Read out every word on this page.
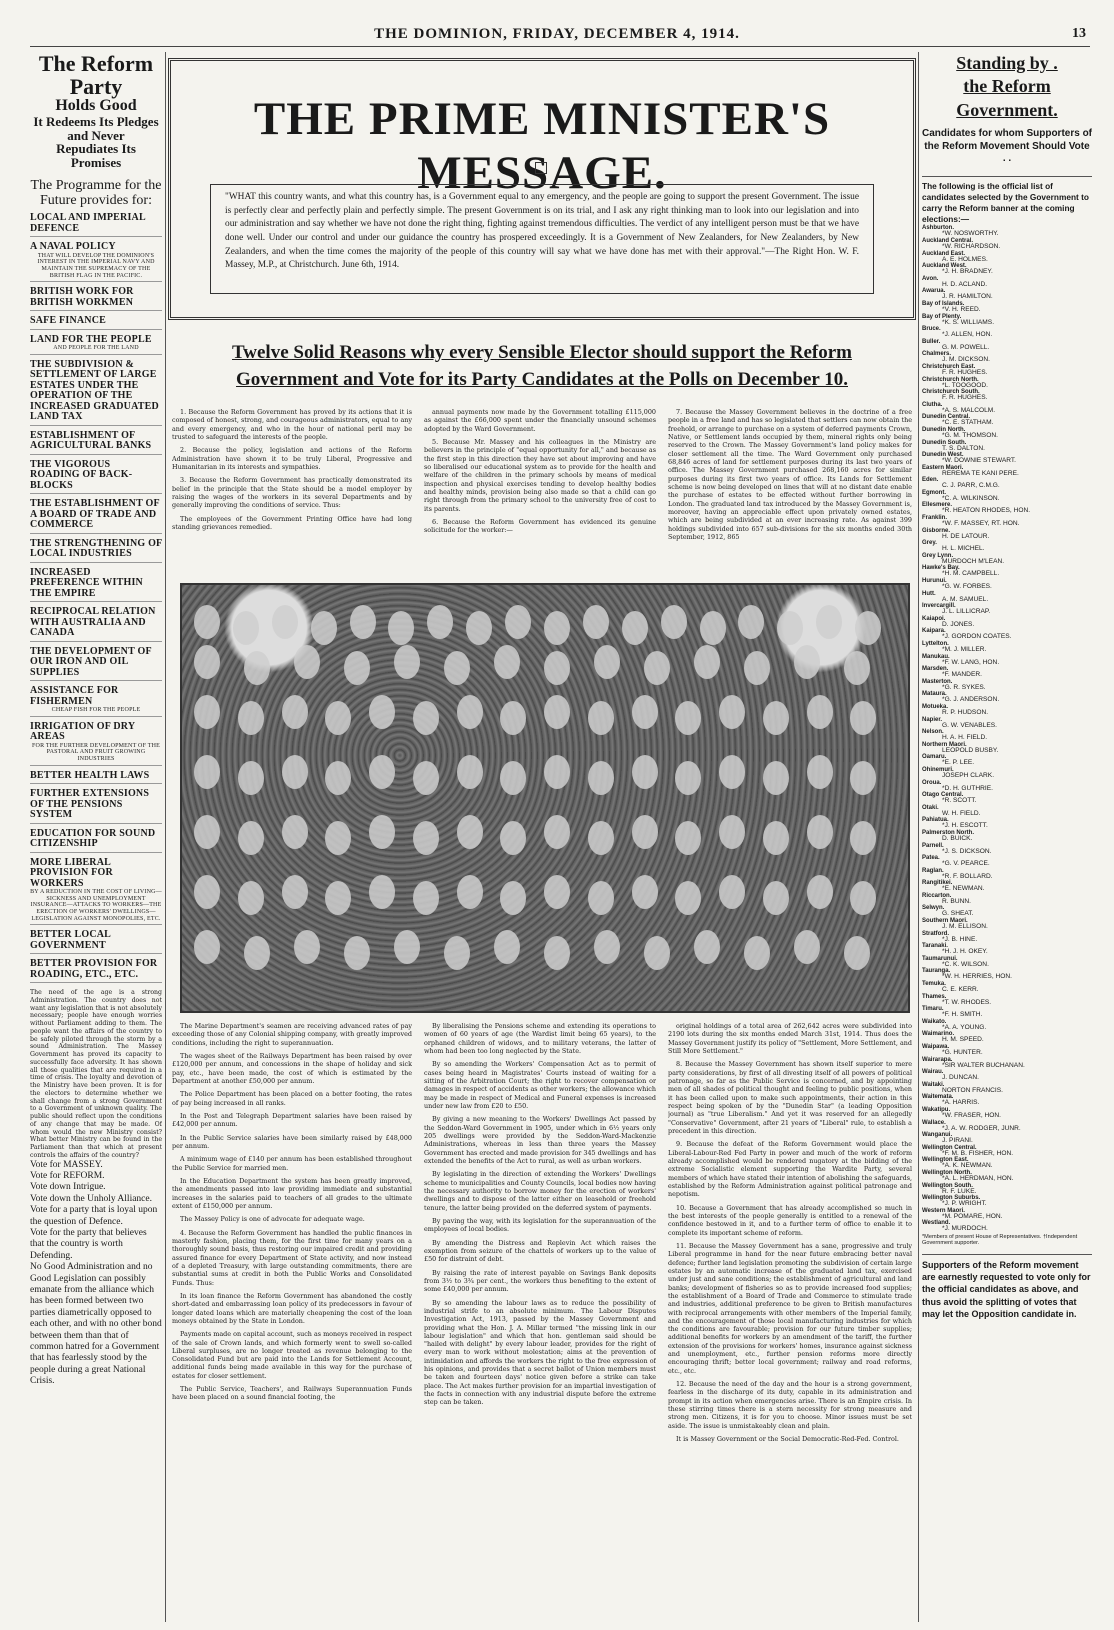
THE DOMINION, FRIDAY, DECEMBER 4, 1914.	13
The Reform
Party
Holds Good
It Redeems Its Pledges
and Never
Repudiates Its Promises
The Programme for the Future provides for:
LOCAL AND IMPERIAL DEFENCE
A NAVAL POLICY
THAT WILL DEVELOP THE DOMINION'S INTEREST IN THE IMPERIAL NAVY AND MAINTAIN THE SUPREMACY OF THE BRITISH FLAG IN THE PACIFIC.
BRITISH WORK FOR BRITISH WORKMEN
SAFE FINANCE
LAND FOR THE PEOPLE
AND PEOPLE FOR THE LAND
THE SUBDIVISION & SETTLEMENT OF LARGE ESTATES UNDER THE OPERATION OF THE INCREASED GRADUATED LAND TAX
ESTABLISHMENT OF AGRICULTURAL BANKS
THE VIGOROUS ROADING OF BACK-BLOCKS
THE ESTABLISHMENT OF A BOARD OF TRADE AND COMMERCE
THE STRENGTHENING OF LOCAL INDUSTRIES
INCREASED PREFERENCE WITHIN THE EMPIRE
RECIPROCAL RELATION WITH AUSTRALIA AND CANADA
THE DEVELOPMENT OF OUR IRON AND OIL SUPPLIES
ASSISTANCE FOR FISHERMEN
CHEAP FISH FOR THE PEOPLE
IRRIGATION OF DRY AREAS
FOR THE FURTHER DEVELOPMENT OF THE PASTORAL AND FRUIT GROWING INDUSTRIES
BETTER HEALTH LAWS
FURTHER EXTENSIONS OF THE PENSIONS SYSTEM
EDUCATION FOR SOUND CITIZENSHIP
MORE LIBERAL PROVISION FOR WORKERS
BY A REDUCTION IN THE COST OF LIVING—SICKNESS AND UNEMPLOYMENT INSURANCE—ATTACKS TO WORKERS—THE ERECTION OF WORKERS' DWELLINGS—LEGISLATION AGAINST MONOPOLIES, ETC.
BETTER LOCAL GOVERNMENT
BETTER PROVISION FOR ROADING, ETC., ETC.
The need of the age is a strong Administration. The country does not want any legislation that is not absolutely necessary; people have enough worries without Parliament adding to them. The people want the affairs of the country to be safely piloted through the storm by a sound Administration. The Massey Government has proved its capacity to successfully face adversity. It has shown all those qualities that are required in a time of crisis. The loyalty and devotion of the Ministry have been proven. It is for the electors to determine whether we shall change from a strong Government to a Government of unknown quality. The public should reflect upon the conditions of any change that may be made. Of whom would the new Ministry consist? What better Ministry can be found in the Parliament than that which at present controls the affairs of the country?
Vote for MASSEY.
Vote for REFORM.
Vote down Intrigue.
Vote down the Unholy Alliance.
Vote for a party that is loyal upon the question of Defence.
Vote for the party that believes that the country is worth Defending.
No Good Administration and no Good Legislation can possibly emanate from the alliance which has been formed between two parties diametrically opposed to each other, and with no other bond between them than that of common hatred for a Government that has fearlessly stood by the people during a great National Crisis.
THE PRIME MINISTER'S MESSAGE.
"WHAT this country wants, and what this country has, is a Government equal to any emergency, and the people are going to support the present Government. The issue is perfectly clear and perfectly plain and perfectly simple. The present Government is on its trial, and I ask any right thinking man to look into our legislation and into our administration and say whether we have not done the right thing, fighting against tremendous difficulties. The verdict of any intelligent person must be that we have done well. Under our control and under our guidance the country has prospered exceedingly. It is a Government of New Zealanders, for New Zealanders, by New Zealanders, and when the time comes the majority of the people of this country will say what we have done has met with their approval."—The Right Hon. W. F. Massey, M.P., at Christchurch. June 6th, 1914.
Twelve Solid Reasons why every Sensible Elector should support the Reform
Government and Vote for its Party Candidates at the Polls on December 10.

1. Because the Reform Government has proved by its actions that it is composed of honest, strong, and courageous administrators, equal to any and every emergency, and who in the hour of national peril may be trusted to safeguard the interests of the people.

2. Because the policy, legislation and actions of the Reform Administration have shown it to be truly Liberal, Progressive and Humanitarian in its interests and sympathies.

3. Because the Reform Government has practically demonstrated its belief in the principle that the State should be a model employer by raising the wages of the workers in its several Departments and by generally improving the conditions of service. Thus:

The employees of the Government Printing Office have had long standing grievances remedied.

annual payments now made by the Government totalling £115,000 as against the £66,000 spent under the financially unsound schemes adopted by the Ward Government.

5. Because Mr. Massey and his colleagues in the Ministry are believers in the principle of "equal opportunity for all," and because as the first step in this direction they have set about improving and have so liberalised our educational system as to provide for the health and welfare of the children in the primary schools by means of medical inspection and physical exercises tending to develop healthy bodies and healthy minds, provision being also made so that a child can go right through from the primary school to the university free of cost to its parents.

6. Because the Reform Government has evidenced its genuine solicitude for the worker:—

7. Because the Massey Government believes in the doctrine of a free people in a free land and has so legislated that settlers can now obtain the freehold, or arrange to purchase on a system of deferred payments Crown, Native, or Settlement lands occupied by them, mineral rights only being reserved to the Crown. The Massey Government's land policy makes for closer settlement all the time. The Ward Government only purchased 68,846 acres of land for settlement purposes during its last two years of office. The Massey Government purchased 268,160 acres for similar purposes during its first two years of office. Its Lands for Settlement scheme is now being developed on lines that will at no distant date enable the purchase of estates to be effected without further borrowing in London. The graduated land tax introduced by the Massey Government is, moreover, having an appreciable effect upon privately owned estates, which are being subdivided at an ever increasing rate. As against 399 holdings subdivided into 657 sub-divisions for the six months ended 30th September, 1912, 865

The Marine Department's seamen are receiving advanced rates of pay exceeding those of any Colonial shipping company, with greatly improved conditions, including the right to superannuation.

The wages sheet of the Railways Department has been raised by over £120,000 per annum, and concessions in the shape of holiday and sick pay, etc., have been made, the cost of which is estimated by the Department at another £50,000 per annum.

The Police Department has been placed on a better footing, the rates of pay being increased in all ranks.

In the Post and Telegraph Department salaries have been raised by £42,000 per annum.

In the Public Service salaries have been similarly raised by £48,000 per annum.

A minimum wage of £140 per annum has been established throughout the Public Service for married men.

In the Education Department the system has been greatly improved, the amendments passed into law providing immediate and substantial increases in the salaries paid to teachers of all grades to the ultimate extent of £150,000 per annum.

The Massey Policy is one of advocate for adequate wage.

4. Because the Reform Government has handled the public finances in masterly fashion, placing them, for the first time for many years on a thoroughly sound basis, thus restoring our impaired credit and providing assured finance for every Department of State activity, and now instead of a depleted Treasury, with large outstanding commitments, there are substantial sums at credit in both the Public Works and Consolidated Funds. Thus:

In its loan finance the Reform Government has abandoned the costly short-dated and embarrassing loan policy of its predecessors in favour of longer dated loans which are materially cheapening the cost of the loan moneys obtained by the State in London.

Payments made on capital account, such as moneys received in respect of the sale of Crown lands, and which formerly went to swell so-called Liberal surpluses, are no longer treated as revenue belonging to the Consolidated Fund but are paid into the Lands for Settlement Account, additional funds being made available in this way for the purchase of estates for closer settlement.

The Public Service, Teachers', and Railways Superannuation Funds have been placed on a sound financial footing, the

By liberalising the Pensions scheme and extending its operations to women of 60 years of age (the Wardist limit being 65 years), to the orphaned children of widows, and to military veterans, the latter of whom had been too long neglected by the State.

By so amending the Workers' Compensation Act as to permit of cases being heard in Magistrates' Courts instead of waiting for a sitting of the Arbitration Court; the right to recover compensation or damages in respect of accidents as other workers; the allowance which may be made in respect of Medical and Funeral expenses is increased under new law from £20 to £50.

By giving a new meaning to the Workers' Dwellings Act passed by the Seddon-Ward Government in 1905, under which in 6½ years only 205 dwellings were provided by the Seddon-Ward-Mackenzie Administrations, whereas in less than three years the Massey Government has erected and made provision for 345 dwellings and has extended the benefits of the Act to rural, as well as urban workers.

By legislating in the direction of extending the Workers' Dwellings scheme to municipalities and County Councils, local bodies now having the necessary authority to borrow money for the erection of workers' dwellings and to dispose of the latter either on leasehold or freehold tenure, the latter being provided on the deferred system of payments.

By paving the way, with its legislation for the superannuation of the employees of local bodies.

By amending the Distress and Replevin Act which raises the exemption from seizure of the chattels of workers up to the value of £50 for distraint of debt.

By raising the rate of interest payable on Savings Bank deposits from 3½ to 3¾ per cent., the workers thus benefiting to the extent of some £40,000 per annum.

By so amending the labour laws as to reduce the possibility of industrial strife to an absolute minimum. The Labour Disputes Investigation Act, 1913, passed by the Massey Government and providing what the Hon. J. A. Millar termed "the missing link in our labour legislation" and which that hon. gentleman said should be "hailed with delight" by every labour leader, provides for the right of every man to work without molestation; aims at the prevention of intimidation and affords the workers the right to the free expression of his opinions, and provides that a secret ballot of Union members must be taken and fourteen days' notice given before a strike can take place. The Act makes further provision for an impartial investigation of the facts in connection with any industrial dispute before the extreme step can be taken.

original holdings of a total area of 262,642 acres were subdivided into 2190 lots during the six months ended March 31st, 1914. Thus does the Massey Government justify its policy of "Settlement, More Settlement, and Still More Settlement."

8. Because the Massey Government has shown itself superior to mere party considerations, by first of all divesting itself of all powers of political patronage, so far as the Public Service is concerned, and by appointing men of all shades of political thought and feeling to public positions, when it has been called upon to make such appointments, their action in this respect being spoken of by the "Dunedin Star" (a leading Opposition journal) as "true Liberalism." And yet it was reserved for an allegedly "Conservative" Government, after 21 years of "Liberal" rule, to establish a precedent in this direction.

9. Because the defeat of the Reform Government would place the Liberal-Labour-Red Fed Party in power and much of the work of reform already accomplished would be rendered nugatory at the bidding of the extreme Socialistic element supporting the Wardite Party, several members of which have stated their intention of abolishing the safeguards, established by the Reform Administration against political patronage and nepotism.

10. Because a Government that has already accomplished so much in the best interests of the people generally is entitled to a renewal of the confidence bestowed in it, and to a further term of office to enable it to complete its important scheme of reform.

11. Because the Massey Government has a sane, progressive and truly Liberal programme in hand for the near future embracing better naval defence; further land legislation promoting the subdivision of certain large estates by an automatic increase of the graduated land tax, exercised under just and sane conditions; the establishment of agricultural and land banks; development of fisheries so as to provide increased food supplies; the establishment of a Board of Trade and Commerce to stimulate trade and industries, additional preference to be given to British manufactures with reciprocal arrangements with other members of the Imperial family, and the encouragement of those local manufacturing industries for which the conditions are favourable; provision for our future timber supplies; additional benefits for workers by an amendment of the tariff, the further extension of the provisions for workers' homes, insurance against sickness and unemployment, etc., further pension reforms more directly encouraging thrift; better local government; railway and road reforms, etc., etc.

12. Because the need of the day and the hour is a strong government, fearless in the discharge of its duty, capable in its administration and prompt in its action when emergencies arise. There is an Empire crisis. In these stirring times there is a stern necessity for strong measure and strong men. Citizens, it is for you to choose. Minor issues must be set aside. The issue is unmistakeably clean and plain.

It is Massey Government or the Social Democratic-Red-Fed. Control.

Standing by .
the Reform
Government.
Candidates for whom Supporters of the Reform Movement Should Vote . .
The following is the official list of candidates selected by the Government to carry the Reform banner at the coming elections:—
Ashburton.
*W. NOSWORTHY.
Auckland Central.
*W. RICHARDSON.
Auckland East.
A. E. HOLMES.
Auckland West.
*J. H. BRADNEY.
Avon.
H. D. ACLAND.
Awarua.
J. R. HAMILTON.
Bay of Islands.
*V. H. REED.
Bay of Plenty.
*K. S. WILLIAMS.
Bruce.
*J. ALLEN, HON.
Buller.
G. M. POWELL.
Chalmers.
J. M. DICKSON.
Christchurch East.
F. R. HUGHES.
Christchurch North.
*L. TOOGOOD.
Christchurch South.
F. R. HUGHES.
Clutha.
*A. S. MALCOLM.
Dunedin Central.
*C. E. STATHAM.
Dunedin North.
*G. M. THOMSON.
Dunedin South.
T. S. DALTON.
Dunedin West.
*W. DOWNIE STEWART.
Eastern Maori.
REREMA TE KANI PERE.
Eden.
C. J. PARR, C.M.G.
Egmont.
*C. A. WILKINSON.
Ellesmere.
*R. HEATON RHODES, HON.
Franklin.
*W. F. MASSEY, RT. HON.
Gisborne.
H. DE LATOUR.
Grey.
H. L. MICHEL.
Grey Lynn.
MURDOCH M'LEAN.
Hawke's Bay.
*H. M. CAMPBELL.
Hurunui.
*G. W. FORBES.
Hutt.
A. M. SAMUEL.
Invercargill.
J. L. LILLICRAP.
Kaiapoi.
D. JONES.
Kaipara.
*J. GORDON COATES.
Lyttelton.
*M. J. MILLER.
Manukau.
*F. W. LANG, HON.
Marsden.
*F. MANDER.
Masterton.
*G. R. SYKES.
Mataura.
*G. J. ANDERSON.
Motueka.
R. P. HUDSON.
Napier.
G. W. VENABLES.
Nelson.
H. A. H. FIELD.
Northern Maori.
LEOPOLD BUSBY.
Oamaru.
*E. P. LEE.
Ohinemuri.
JOSEPH CLARK.
Oroua.
*D. H. GUTHRIE.
Otago Central.
*R. SCOTT.
Otaki.
W. H. FIELD.
Pahiatua.
*J. H. ESCOTT.
Palmerston North.
D. BUICK.
Parnell.
*J. S. DICKSON.
Patea.
*G. V. PEARCE.
Raglan.
*R. F. BOLLARD.
Rangitikei.
*E. NEWMAN.
Riccarton.
R. BUNN.
Selwyn.
G. SHEAT.
Southern Maori.
J. M. ELLISON.
Stratford.
*J. B. HINE.
Taranaki.
*H. J. H. OKEY.
Taumarunui.
*C. K. WILSON.
Tauranga.
*W. H. HERRIES, HON.
Temuka.
C. E. KERR.
Thames.
*T. W. RHODES.
Timaru.
*F. H. SMITH.
Waikato.
*A. A. YOUNG.
Waimarino.
H. M. SPEED.
Waipawa.
*G. HUNTER.
Wairarapa.
*SIR WALTER BUCHANAN.
Wairau.
J. DUNCAN.
Waitaki.
NORTON FRANCIS.
Waitemata.
*A. HARRIS.
Wakatipu.
*W. FRASER, HON.
Wallace.
*J. A. W. RODGER, JUNR.
Wanganui.
J. PIRANI.
Wellington Central.
*F. M. B. FISHER, HON.
Wellington East.
*A. K. NEWMAN.
Wellington North.
*A. L. HERDMAN, HON.
Wellington South.
R. F. LUKE.
Wellington Suburbs.
*J. P. WRIGHT.
Western Maori.
*M. POMARE, HON.
Westland.
*J. MURDOCH.
*Members of present House of Representatives. †Independent Government supporter.
Supporters of the Reform movement are earnestly requested to vote only for the official candidates as above, and thus avoid the splitting of votes that may let the Opposition candidate in.
